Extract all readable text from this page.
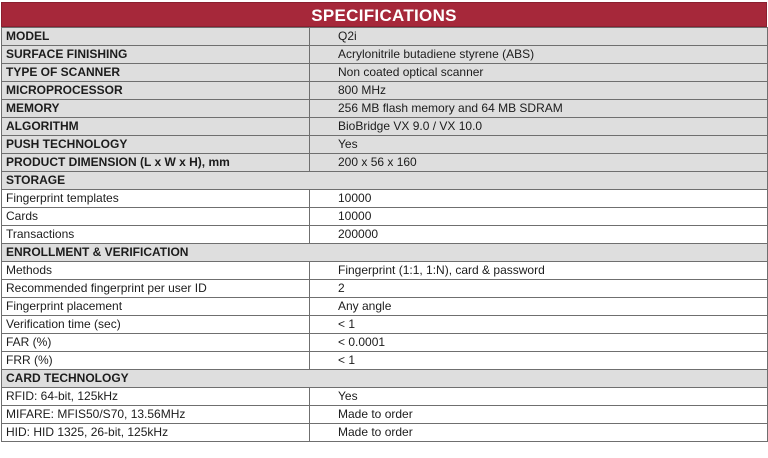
SPECIFICATIONS
MODEL	Q2i
SURFACE FINISHING	Acrylonitrile butadiene styrene (ABS)
TYPE OF SCANNER	Non coated optical scanner
MICROPROCESSOR	800 MHz
MEMORY	256 MB flash memory and 64 MB SDRAM
ALGORITHM	BioBridge VX 9.0 / VX 10.0
PUSH TECHNOLOGY	Yes
PRODUCT DIMENSION (L x W x H), mm	200 x 56 x 160
STORAGE	
Fingerprint templates	10000
Cards	10000
Transactions	200000
ENROLLMENT & VERIFICATION	
Methods	Fingerprint (1:1, 1:N), card & password
Recommended fingerprint per user ID	2
Fingerprint placement	Any angle
Verification time (sec)	< 1
FAR (%)	< 0.0001
FRR (%)	< 1
CARD TECHNOLOGY	
RFID: 64-bit, 125kHz	Yes
MIFARE: MFIS50/S70, 13.56MHz	Made to order
HID: HID 1325, 26-bit, 125kHz	Made to order
